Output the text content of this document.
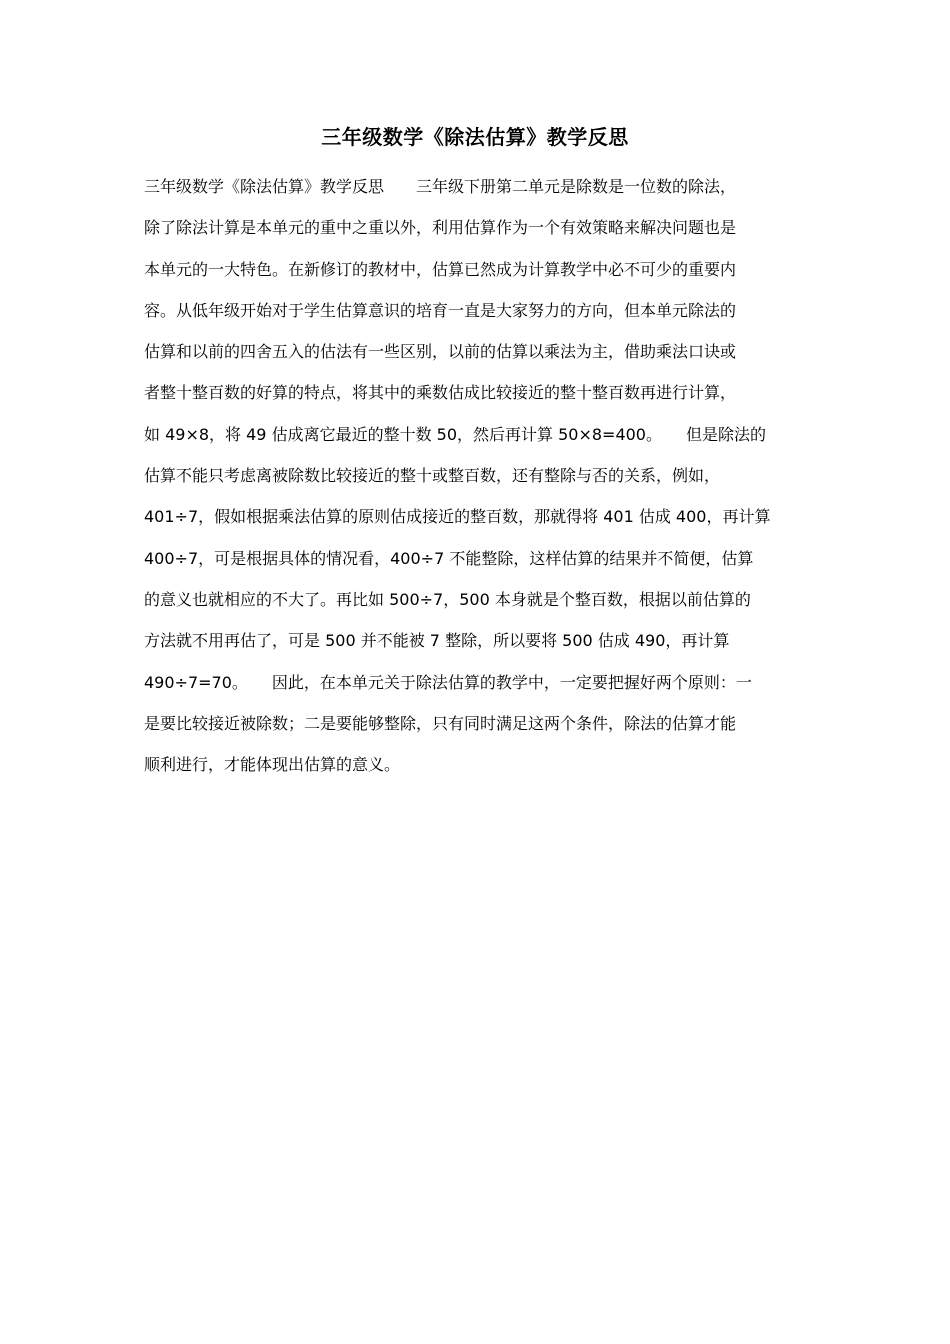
三年级数学《除法估算》教学反思
三年级数学《除法估算》教学反思　　三年级下册第二单元是除数是一位数的除法，
除了除法计算是本单元的重中之重以外，利用估算作为一个有效策略来解决问题也是
本单元的一大特色。在新修订的教材中，估算已然成为计算教学中必不可少的重要内
容。从低年级开始对于学生估算意识的培育一直是大家努力的方向，但本单元除法的
估算和以前的四舍五入的估法有一些区别，以前的估算以乘法为主，借助乘法口诀或
者整十整百数的好算的特点，将其中的乘数估成比较接近的整十整百数再进行计算，
如 49×8，将 49 估成离它最近的整十数 50，然后再计算 50×8=400。　　但是除法的
估算不能只考虑离被除数比较接近的整十或整百数，还有整除与否的关系，例如，
401÷7，假如根据乘法估算的原则估成接近的整百数，那就得将 401 估成 400，再计算
400÷7，可是根据具体的情况看，400÷7 不能整除，这样估算的结果并不简便，估算
的意义也就相应的不大了。再比如 500÷7，500 本身就是个整百数，根据以前估算的
方法就不用再估了，可是 500 并不能被 7 整除，所以要将 500 估成 490，再计算
490÷7=70。　　因此，在本单元关于除法估算的教学中，一定要把握好两个原则：一
是要比较接近被除数；二是要能够整除，只有同时满足这两个条件，除法的估算才能
顺利进行，才能体现出估算的意义。
